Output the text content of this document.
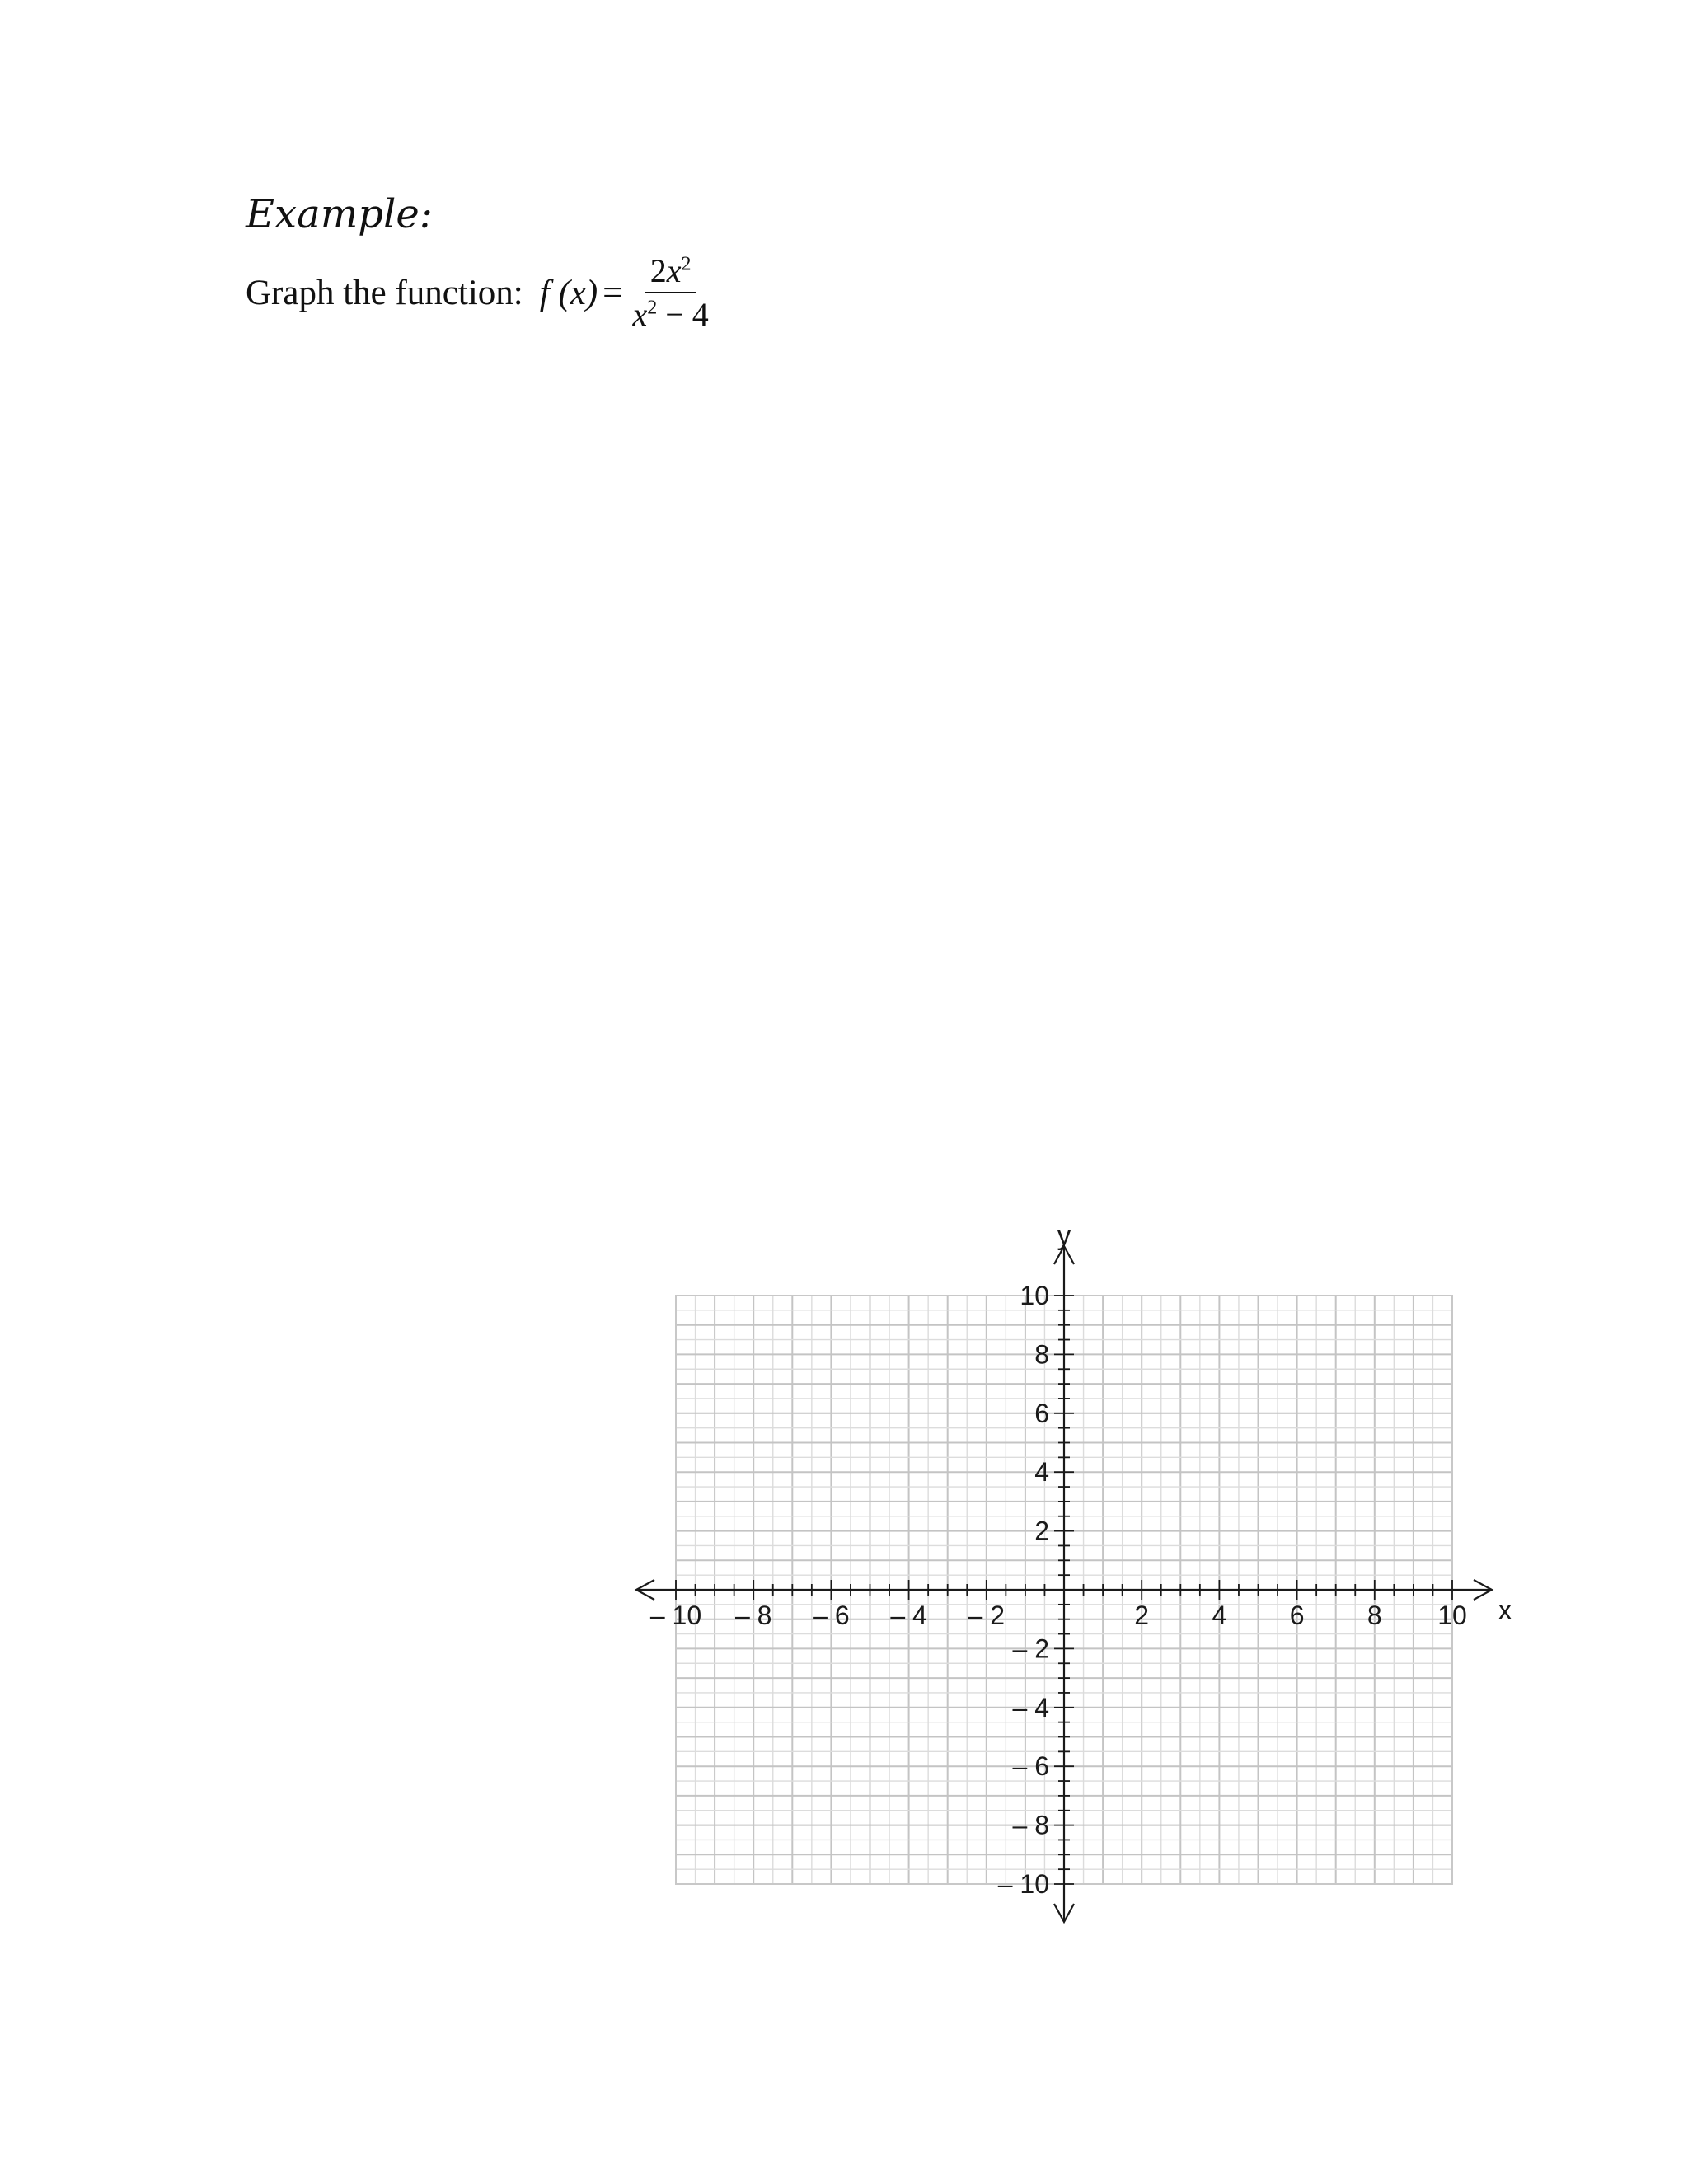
Example:
Graph the function: f $(x) = \frac{2x^2}{x^2 - 4}$
– 10 – 8 – 6 – 4 – 2	2 4 6 8 10
– 10
– 8
– 6
– 4
– 2
2
4
6
8
10
x
y
